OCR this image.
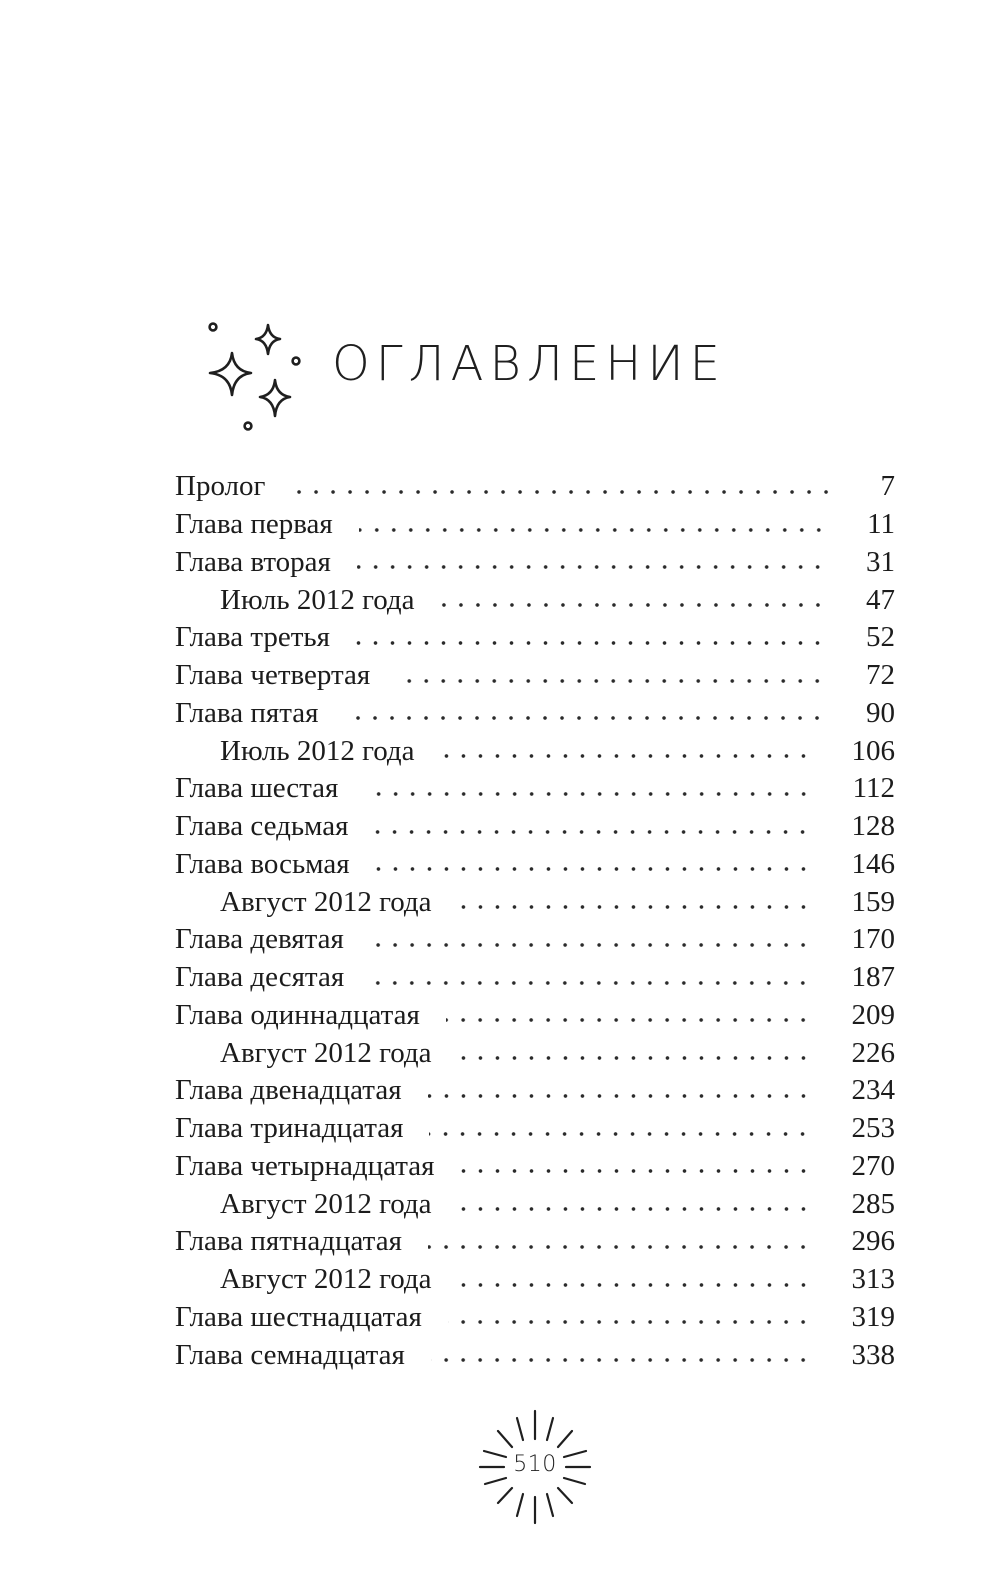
ОГЛАВЛЕНИЕ
Пролог	7
Глава первая	11
Глава вторая	31
Июль 2012 года	47
Глава третья	52
Глава четвертая	72
Глава пятая	90
Июль 2012 года	106
Глава шестая	112
Глава седьмая	128
Глава восьмая	146
Август 2012 года	159
Глава девятая	170
Глава десятая	187
Глава одиннадцатая	209
Август 2012 года	226
Глава двенадцатая	234
Глава тринадцатая	253
Глава четырнадцатая	270
Август 2012 года	285
Глава пятнадцатая	296
Август 2012 года	313
Глава шестнадцатая	319
Глава семнадцатая	338
510
